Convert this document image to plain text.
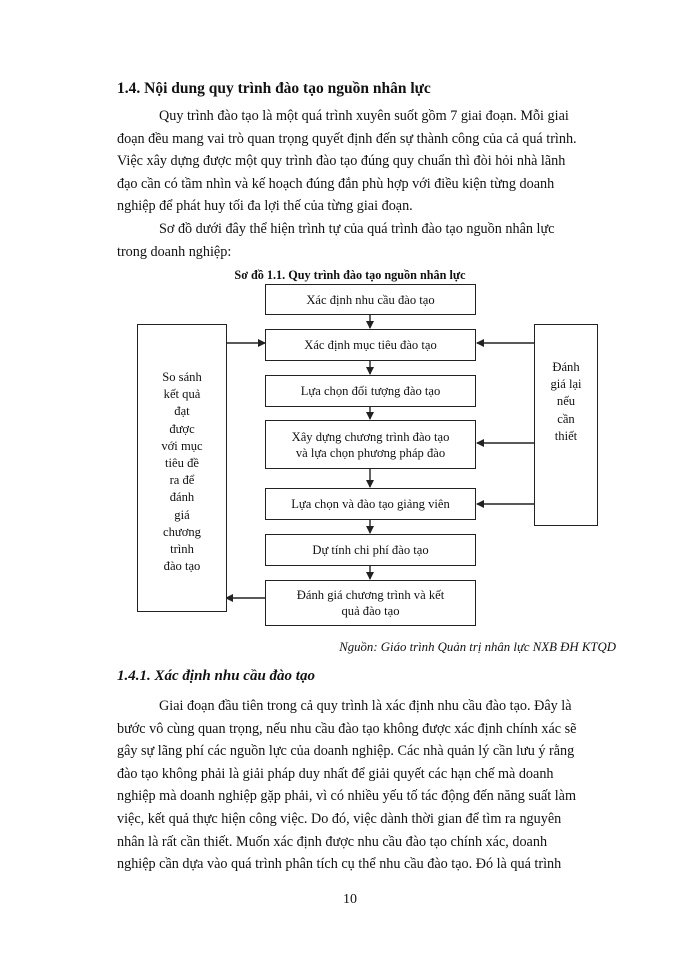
1.4. Nội dung quy trình đào tạo nguồn nhân lực
Quy trình đào tạo là một quá trình xuyên suốt gồm 7 giai đoạn. Mỗi giai
đoạn đều mang vai trò quan trọng quyết định đến sự thành công của cả quá trình.
Việc xây dựng được một quy trình đào tạo đúng quy chuẩn thì đòi hỏi nhà lãnh
đạo cần có tầm nhìn và kế hoạch đúng đắn phù hợp với điều kiện từng doanh
nghiệp để phát huy tối đa lợi thế của từng giai đoạn.
Sơ đồ dưới đây thể hiện trình tự của quá trình đào tạo nguồn nhân lực
trong doanh nghiệp:
Sơ đồ 1.1. Quy trình đào tạo nguồn nhân lực
So sánh
kết quả
đạt
được
với mục
tiêu đề
ra để
đánh
giá
chương
trình
đào tạo
Đánh
giá lại
nếu
cần
thiết
Xác định nhu cầu đào tạo
Xác định mục tiêu đào tạo
Lựa chọn đối tượng đào tạo
Xây dựng chương trình đào tạo
và lựa chọn phương pháp đào
Lựa chọn và đào tạo giảng viên
Dự tính chi phí đào tạo
Đánh giá chương trình và kết
quả đào tạo
Nguồn: Giáo trình Quản trị nhân lực NXB ĐH KTQD
1.4.1. Xác định nhu cầu đào tạo
Giai đoạn đầu tiên trong cả quy trình là xác định nhu cầu đào tạo. Đây là
bước vô cùng quan trọng, nếu nhu cầu đào tạo không được xác định chính xác sẽ
gây sự lãng phí các nguồn lực của doanh nghiệp. Các nhà quản lý cần lưu ý rằng
đào tạo không phải là giải pháp duy nhất để giải quyết các hạn chế mà doanh
nghiệp mà doanh nghiệp gặp phải, vì có nhiều yếu tố tác động đến năng suất làm
việc, kết quả thực hiện công việc. Do đó, việc dành thời gian để tìm ra nguyên
nhân là rất cần thiết. Muốn xác định được nhu cầu đào tạo chính xác, doanh
nghiệp cần dựa vào quá trình phân tích cụ thể nhu cầu đào tạo. Đó là quá trình
10
